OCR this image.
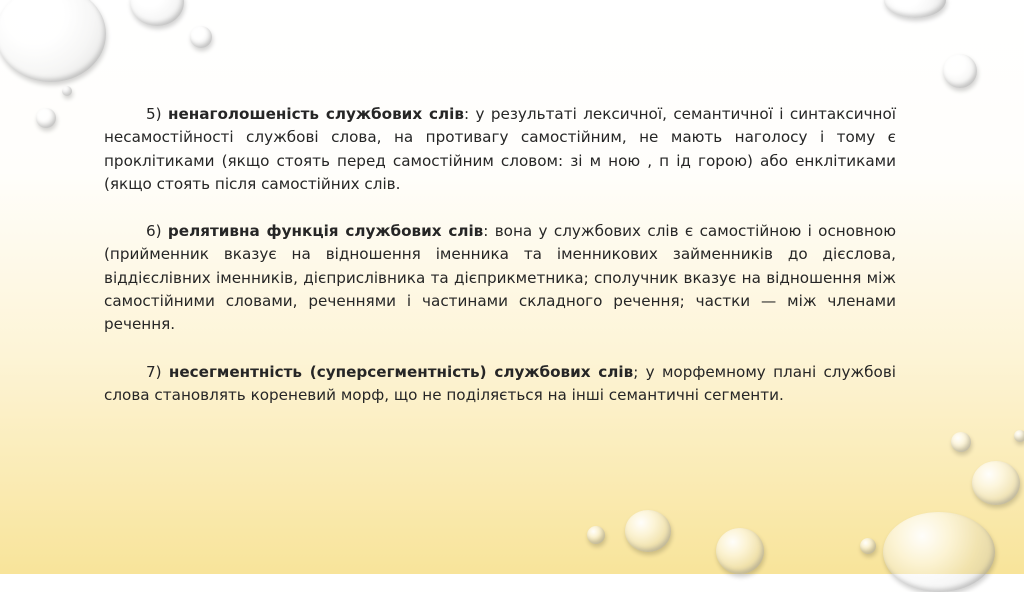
5) ненаголошеність службових слів: у результаті лексичної, семантичної і синтаксичної несамостійності службові слова, на противагу самостійним, не мають наголосу і тому є проклітиками (якщо стоять перед самостійним словом: зі м ною , п ід горою) або енклітиками (якщо стоять після самостійних слів.

6) релятивна функція службових слів: вона у службових слів є самостійною і основною (прийменник вказує на відношення іменника та іменникових займенників до дієслова, віддієслівних іменників, дієприслівника та дієприкметника; сполучник вказує на відношення між самостійними словами, реченнями і частинами складного речення; частки — між членами речення.

7) несегментність (суперсегментність) службових слів; у морфемному плані службові слова становлять кореневий морф, що не поділяється на інші семантичні сегменти.
